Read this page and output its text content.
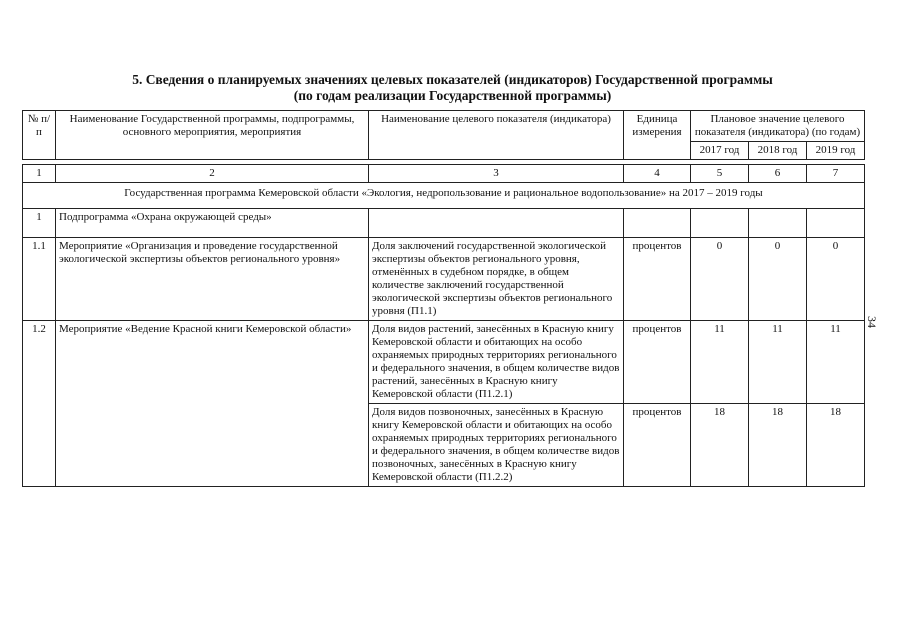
5. Сведения о планируемых значениях целевых показателей (индикаторов) Государственной программы
(по годам реализации Государственной программы)
34
№ п/п	Наименование Государственной программы, подпрограммы, основного мероприятия, мероприятия	Наименование целевого показателя (индикатора)	Единица измерения	Плановое значение целевого показателя (индикатора) (по годам)		
				2017 год	2018 год	2019 год

1	2	3	4	5	6	7
Государственная программа Кемеровской области «Экология, недропользование и рациональное водопользование» на 2017 – 2019 годы						
1	Подпрограмма «Охрана окружающей среды»					
1.1	Мероприятие «Организация и проведение государственной экологической экспертизы объектов регионального уровня»	Доля заключений государственной экологической экспертизы объектов регионального уровня, отменённых в судебном порядке, в общем количестве заключений государственной экологической экспертизы объектов регионального уровня (П1.1)	процентов	0	0	0
1.2	Мероприятие «Ведение Красной книги Кемеровской области»	Доля видов растений, занесённых в Красную книгу Кемеровской области и обитающих на особо охраняемых природных территориях регионального и федерального значения, в общем количестве видов растений, занесённых в Красную книгу Кемеровской области (П1.2.1)	процентов	11	11	11
		Доля видов позвоночных, занесённых в Красную книгу Кемеровской области и обитающих на особо охраняемых природных территориях регионального и федерального значения, в общем количестве видов позвоночных, занесённых в Красную книгу Кемеровской области (П1.2.2)	процентов	18	18	18
